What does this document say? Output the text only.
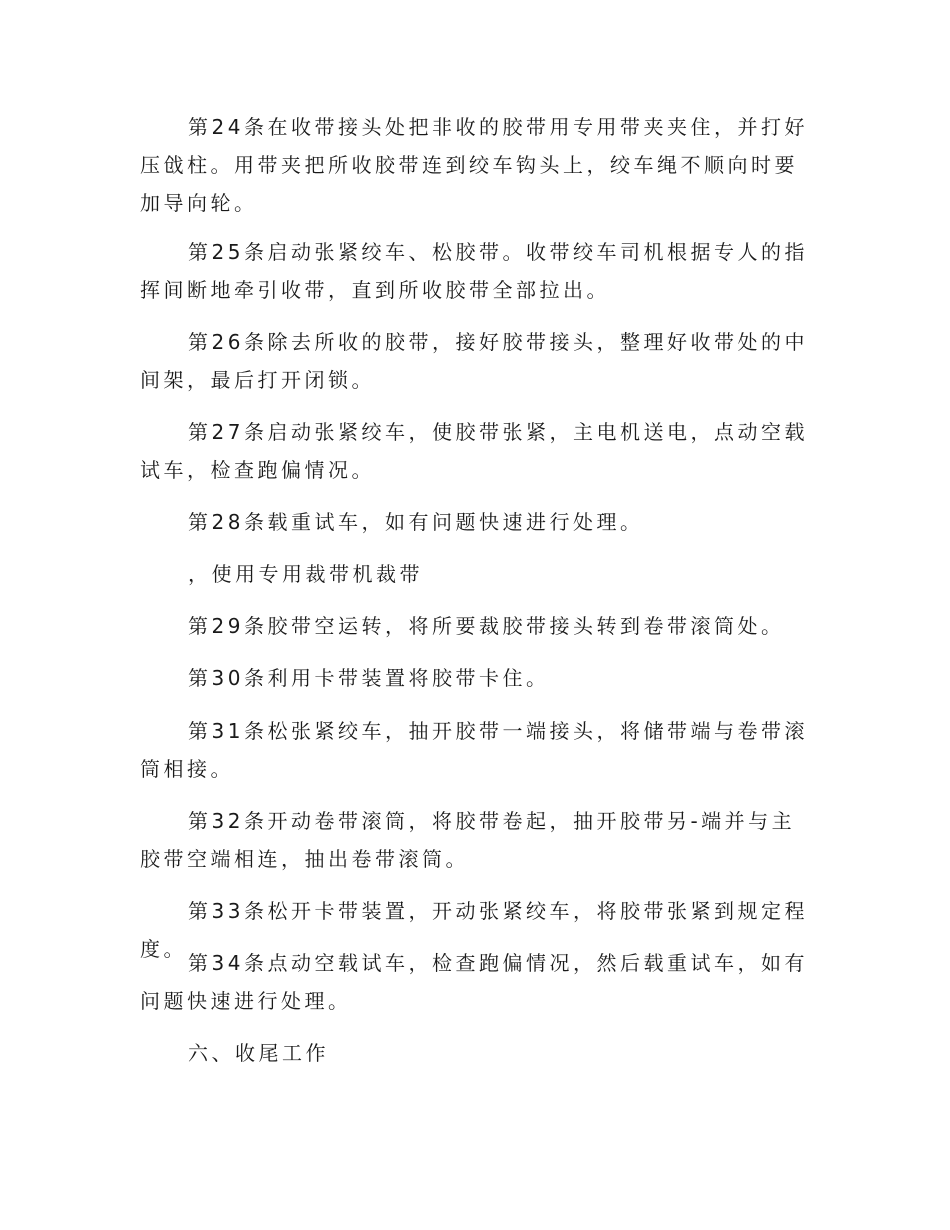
第24条在收带接头处把非收的胶带用专用带夹夹住，并打好压戗柱。用带夹把所收胶带连到绞车钩头上，绞车绳不顺向时要加导向轮。

第25条启动张紧绞车、松胶带。收带绞车司机根据专人的指挥间断地牵引收带，直到所收胶带全部拉出。

第26条除去所收的胶带，接好胶带接头，整理好收带处的中间架，最后打开闭锁。

第27条启动张紧绞车，使胶带张紧，主电机送电，点动空载试车，检查跑偏情况。

第28条载重试车，如有问题快速进行处理。

，使用专用裁带机裁带

第29条胶带空运转，将所要裁胶带接头转到卷带滚筒处。

第30条利用卡带装置将胶带卡住。

第31条松张紧绞车，抽开胶带一端接头，将储带端与卷带滚筒相接。

第32条开动卷带滚筒，将胶带卷起，抽开胶带另-端并与主胶带空端相连，抽出卷带滚筒。

第33条松开卡带装置，开动张紧绞车，将胶带张紧到规定程度。

第34条点动空载试车，检查跑偏情况，然后载重试车，如有问题快速进行处理。

六、收尾工作
